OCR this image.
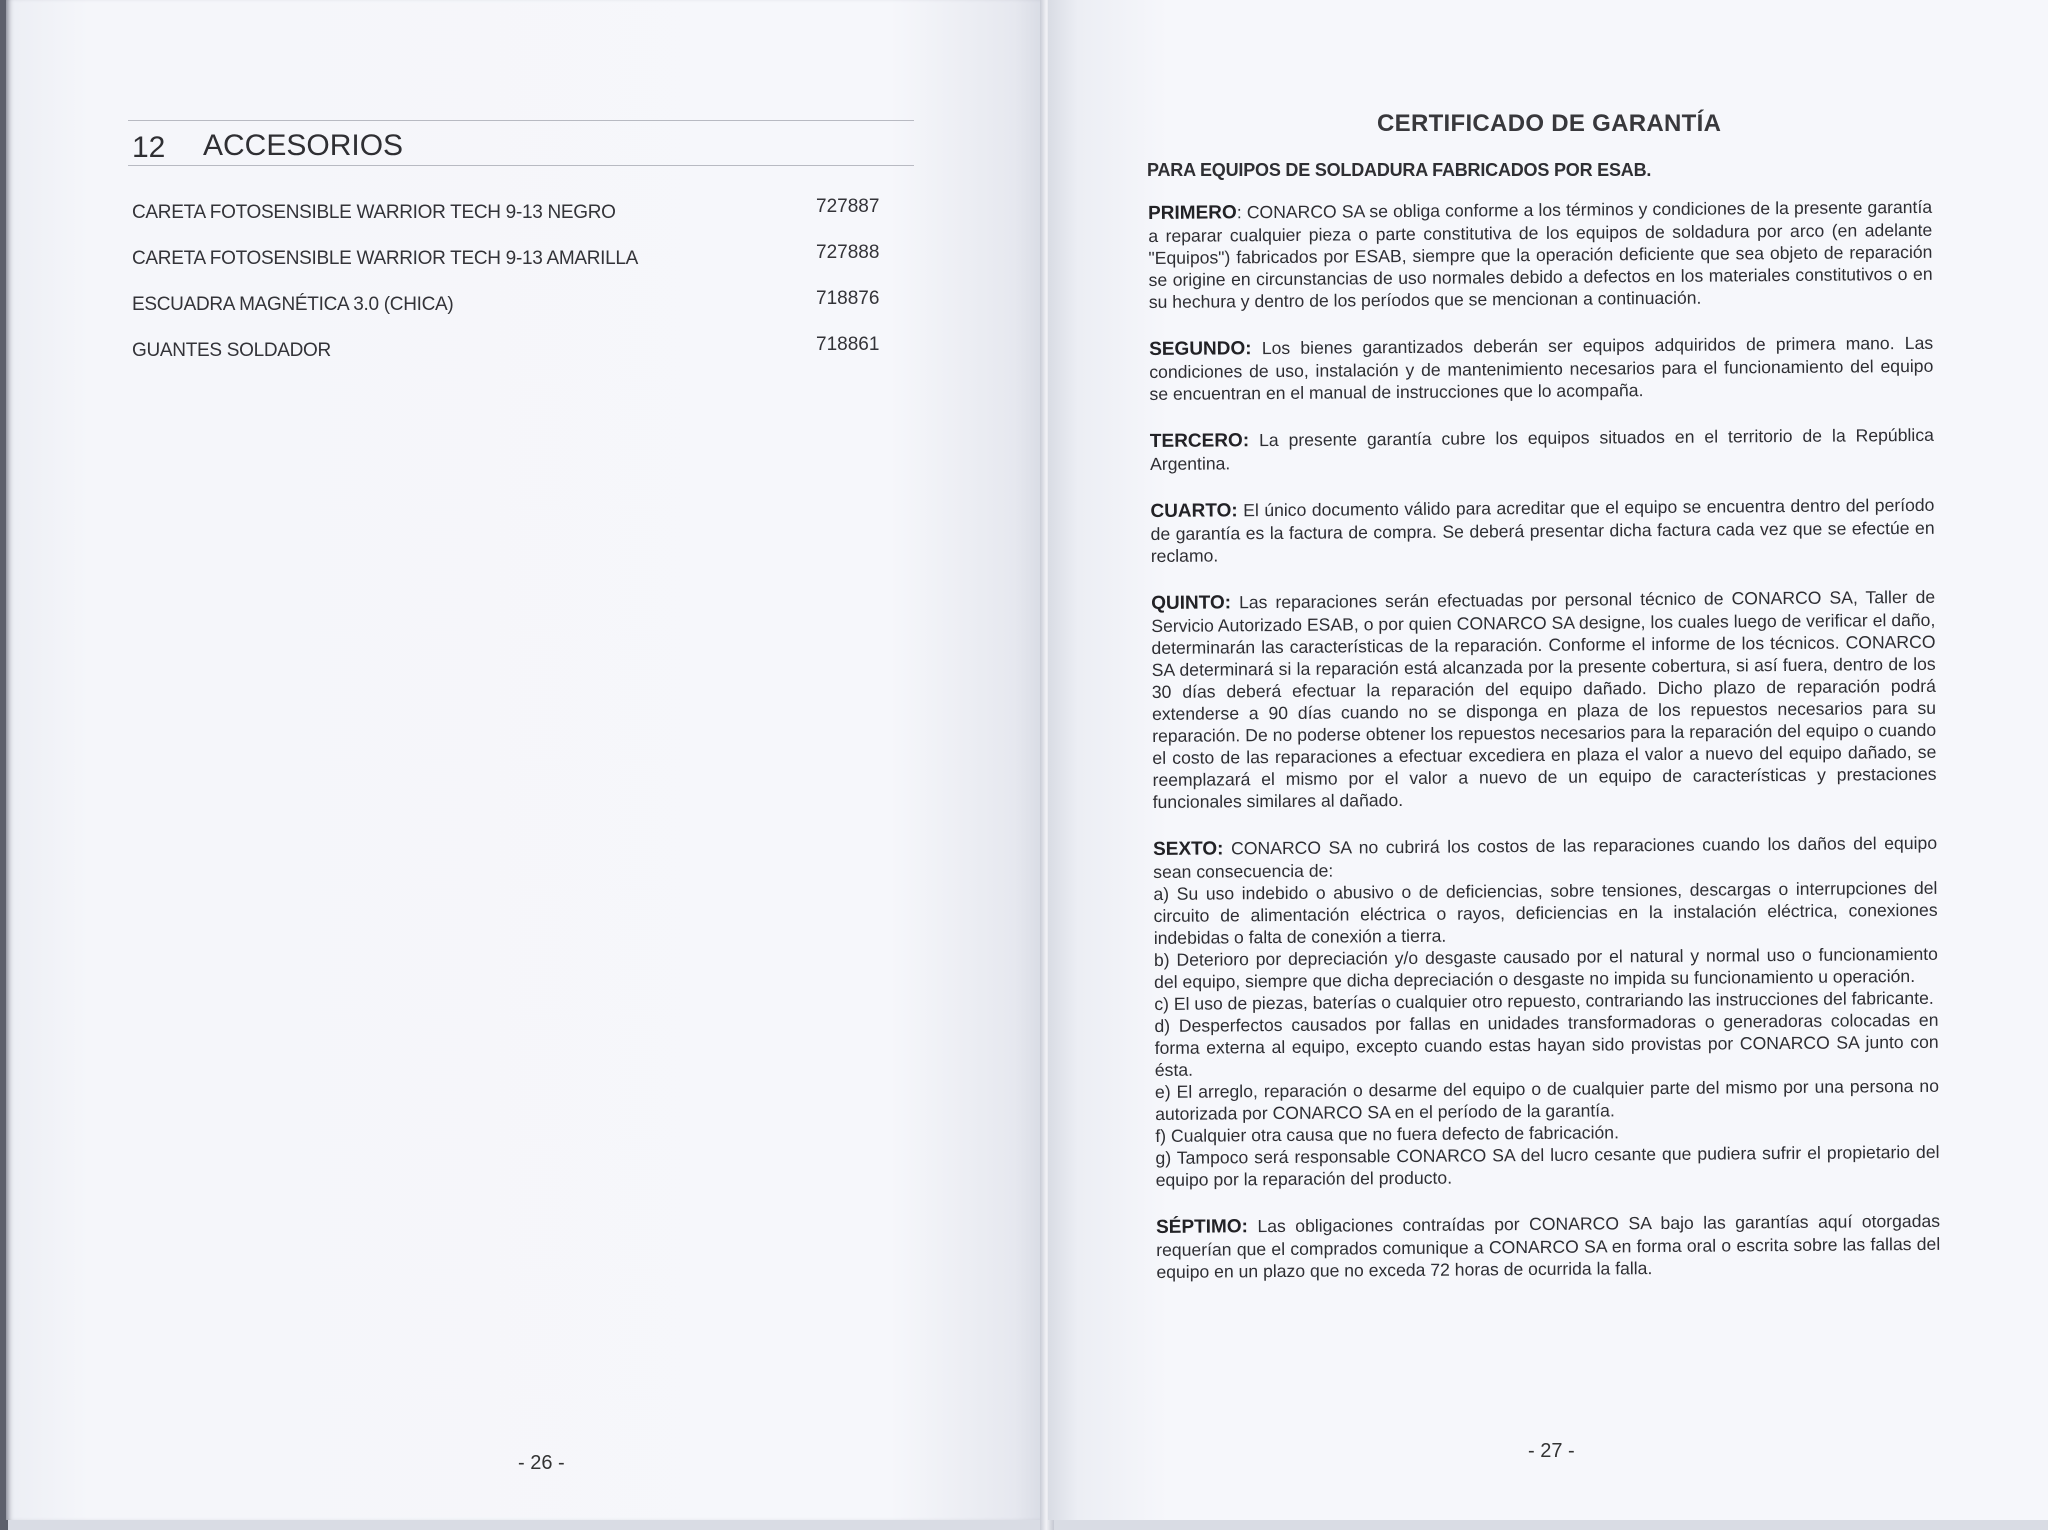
12 ACCESORIOS
CARETA FOTOSENSIBLE WARRIOR TECH 9-13 NEGRO	727887
CARETA FOTOSENSIBLE WARRIOR TECH 9-13 AMARILLA	727888
ESCUADRA MAGNÉTICA 3.0 (CHICA)	718876
GUANTES SOLDADOR	718861
- 26 -
CERTIFICADO DE GARANTÍA
PARA EQUIPOS DE SOLDADURA FABRICADOS POR ESAB.

PRIMERO: CONARCO SA se obliga conforme a los términos y condiciones de la presente garantía a reparar cualquier pieza o parte constitutiva de los equipos de soldadura por arco (en adelante "Equipos") fabricados por ESAB, siempre que la operación deficiente que sea objeto de reparación se origine en circunstancias de uso normales debido a defectos en los materiales constitutivos o en su hechura y dentro de los períodos que se mencionan a continuación.

SEGUNDO: Los bienes garantizados deberán ser equipos adquiridos de primera mano. Las condiciones de uso, instalación y de mantenimiento necesarios para el funcionamiento del equipo se encuentran en el manual de instrucciones que lo acompaña.

TERCERO: La presente garantía cubre los equipos situados en el territorio de la República Argentina.

CUARTO: El único documento válido para acreditar que el equipo se encuentra dentro del período de garantía es la factura de compra. Se deberá presentar dicha factura cada vez que se efectúe en reclamo.

QUINTO: Las reparaciones serán efectuadas por personal técnico de CONARCO SA, Taller de Servicio Autorizado ESAB, o por quien CONARCO SA designe, los cuales luego de verificar el daño, determinarán las características de la reparación. Conforme el informe de los técnicos. CONARCO SA determinará si la reparación está alcanzada por la presente cobertura, si así fuera, dentro de los 30 días deberá efectuar la reparación del equipo dañado. Dicho plazo de reparación podrá extenderse a 90 días cuando no se disponga en plaza de los repuestos necesarios para su reparación. De no poderse obtener los repuestos necesarios para la reparación del equipo o cuando el costo de las reparaciones a efectuar excediera en plaza el valor a nuevo del equipo dañado, se reemplazará el mismo por el valor a nuevo de un equipo de características y prestaciones funcionales similares al dañado.

SEXTO: CONARCO SA no cubrirá los costos de las reparaciones cuando los daños del equipo sean consecuencia de:

a) Su uso indebido o abusivo o de deficiencias, sobre tensiones, descargas o interrupciones del circuito de alimentación eléctrica o rayos, deficiencias en la instalación eléctrica, conexiones indebidas o falta de conexión a tierra.

b) Deterioro por depreciación y/o desgaste causado por el natural y normal uso o funcionamiento del equipo, siempre que dicha depreciación o desgaste no impida su funcionamiento u operación.

c) El uso de piezas, baterías o cualquier otro repuesto, contrariando las instrucciones del fabricante.

d) Desperfectos causados por fallas en unidades transformadoras o generadoras colocadas en forma externa al equipo, excepto cuando estas hayan sido provistas por CONARCO SA junto con ésta.

e) El arreglo, reparación o desarme del equipo o de cualquier parte del mismo por una persona no autorizada por CONARCO SA en el período de la garantía.

f) Cualquier otra causa que no fuera defecto de fabricación.

g) Tampoco será responsable CONARCO SA del lucro cesante que pudiera sufrir el propietario del equipo por la reparación del producto.

SÉPTIMO: Las obligaciones contraídas por CONARCO SA bajo las garantías aquí otorgadas requerían que el comprados comunique a CONARCO SA en forma oral o escrita sobre las fallas del equipo en un plazo que no exceda 72 horas de ocurrida la falla.

- 27 -
